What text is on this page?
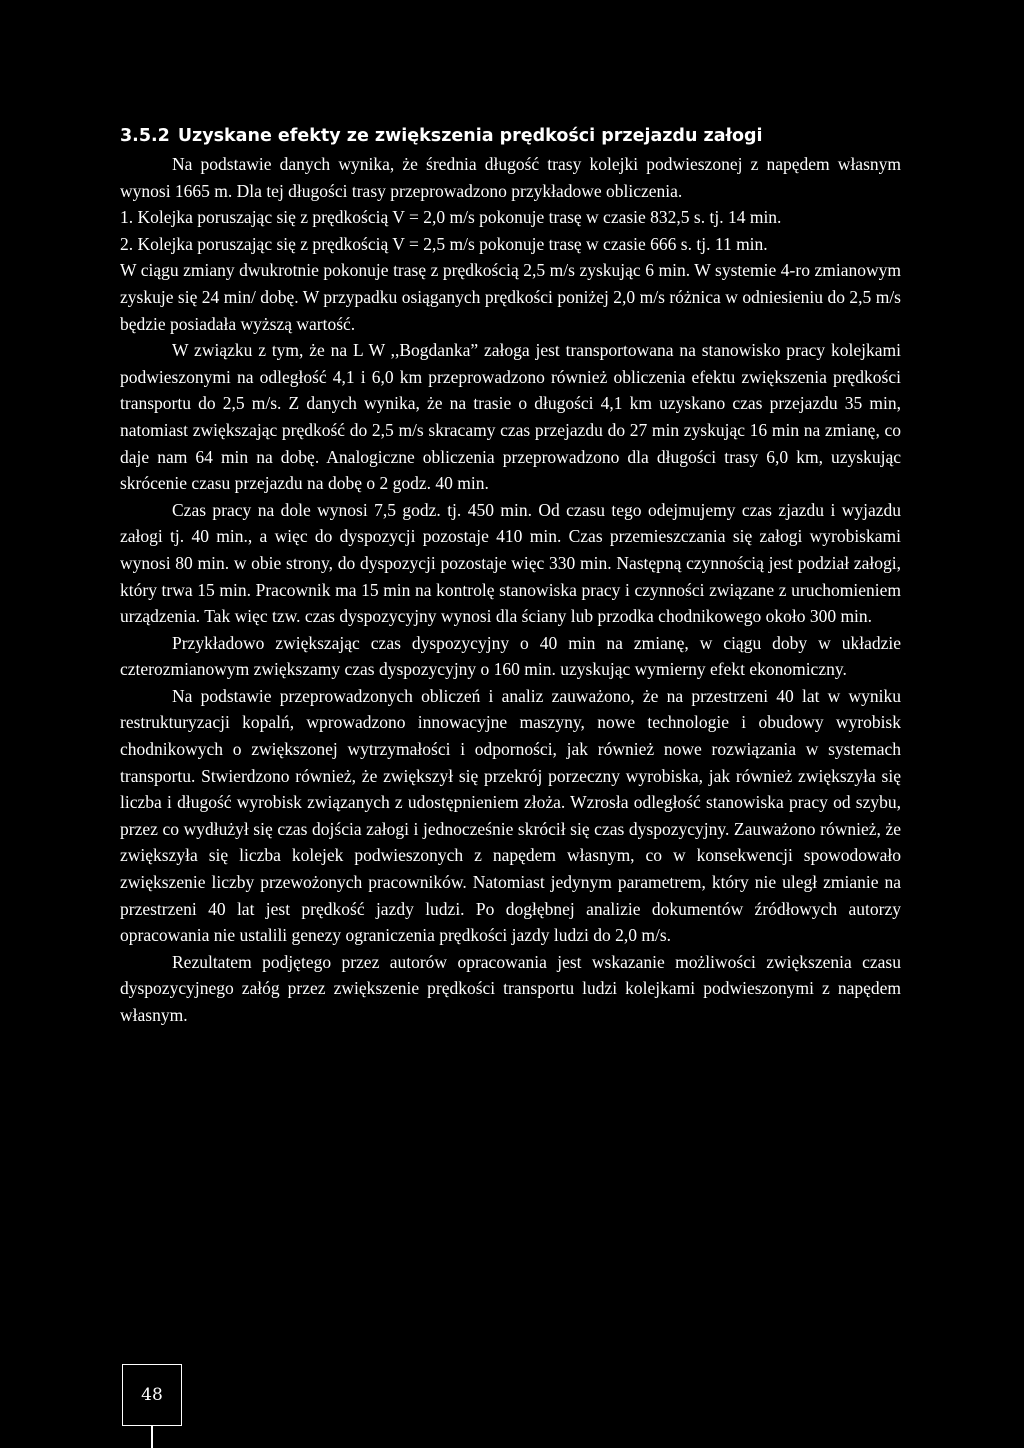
3.5.2 Uzyskane efekty ze zwiększenia prędkości przejazdu załogi

Na podstawie danych wynika, że średnia długość trasy kolejki podwieszonej z napędem własnym wynosi 1665 m. Dla tej długości trasy przeprowadzono przykładowe obliczenia.

1. Kolejka poruszając się z prędkością V = 2,0 m/s pokonuje trasę w czasie 832,5 s. tj. 14 min.

2. Kolejka poruszając się z prędkością V = 2,5 m/s pokonuje trasę w czasie 666 s. tj. 11 min.

W ciągu zmiany dwukrotnie pokonuje trasę z prędkością 2,5 m/s zyskując 6 min. W systemie 4-ro zmianowym zyskuje się 24 min/ dobę. W przypadku osiąganych prędkości poniżej 2,0 m/s różnica w odniesieniu do 2,5 m/s będzie posiadała wyższą wartość.

W związku z tym, że na L W ,,Bogdanka” załoga jest transportowana na stanowisko pracy kolejkami podwieszonymi na odległość 4,1 i 6,0 km przeprowadzono również obliczenia efektu zwiększenia prędkości transportu do 2,5 m/s. Z danych wynika, że na trasie o długości 4,1 km uzyskano czas przejazdu 35 min, natomiast zwiększając prędkość do 2,5 m/s skracamy czas przejazdu do 27 min zyskując 16 min na zmianę, co daje nam 64 min na dobę. Analogiczne obliczenia przeprowadzono dla długości trasy 6,0 km, uzyskując skrócenie czasu przejazdu na dobę o 2 godz. 40 min.

Czas pracy na dole wynosi 7,5 godz. tj. 450 min. Od czasu tego odejmujemy czas zjazdu i wyjazdu załogi tj. 40 min., a więc do dyspozycji pozostaje 410 min. Czas przemieszczania się załogi wyrobiskami wynosi 80 min. w obie strony, do dyspozycji pozostaje więc 330 min. Następną czynnością jest podział załogi, który trwa 15 min. Pracownik ma 15 min na kontrolę stanowiska pracy i czynności związane z uruchomieniem urządzenia. Tak więc tzw. czas dyspozycyjny wynosi dla ściany lub przodka chodnikowego około 300 min.

Przykładowo zwiększając czas dyspozycyjny o 40 min na zmianę, w ciągu doby w układzie czterozmianowym zwiększamy czas dyspozycyjny o 160 min. uzyskując wymierny efekt ekonomiczny.

Na podstawie przeprowadzonych obliczeń i analiz zauważono, że na przestrzeni 40 lat w wyniku restrukturyzacji kopalń, wprowadzono innowacyjne maszyny, nowe technologie i obudowy wyrobisk chodnikowych o zwiększonej wytrzymałości i odporności, jak również nowe rozwiązania w systemach transportu. Stwierdzono również, że zwiększył się przekrój porzeczny wyrobiska, jak również zwiększyła się liczba i długość wyrobisk związanych z udostępnieniem złoża. Wzrosła odległość stanowiska pracy od szybu, przez co wydłużył się czas dojścia załogi i jednocześnie skrócił się czas dyspozycyjny. Zauważono również, że zwiększyła się liczba kolejek podwieszonych z napędem własnym, co w konsekwencji spowodowało zwiększenie liczby przewożonych pracowników. Natomiast jedynym parametrem, który nie uległ zmianie na przestrzeni 40 lat jest prędkość jazdy ludzi. Po dogłębnej analizie dokumentów źródłowych autorzy opracowania nie ustalili genezy ograniczenia prędkości jazdy ludzi do 2,0 m/s.

Rezultatem podjętego przez autorów opracowania jest wskazanie możliwości zwiększenia czasu dyspozycyjnego załóg przez zwiększenie prędkości transportu ludzi kolejkami podwieszonymi z napędem własnym.

48
